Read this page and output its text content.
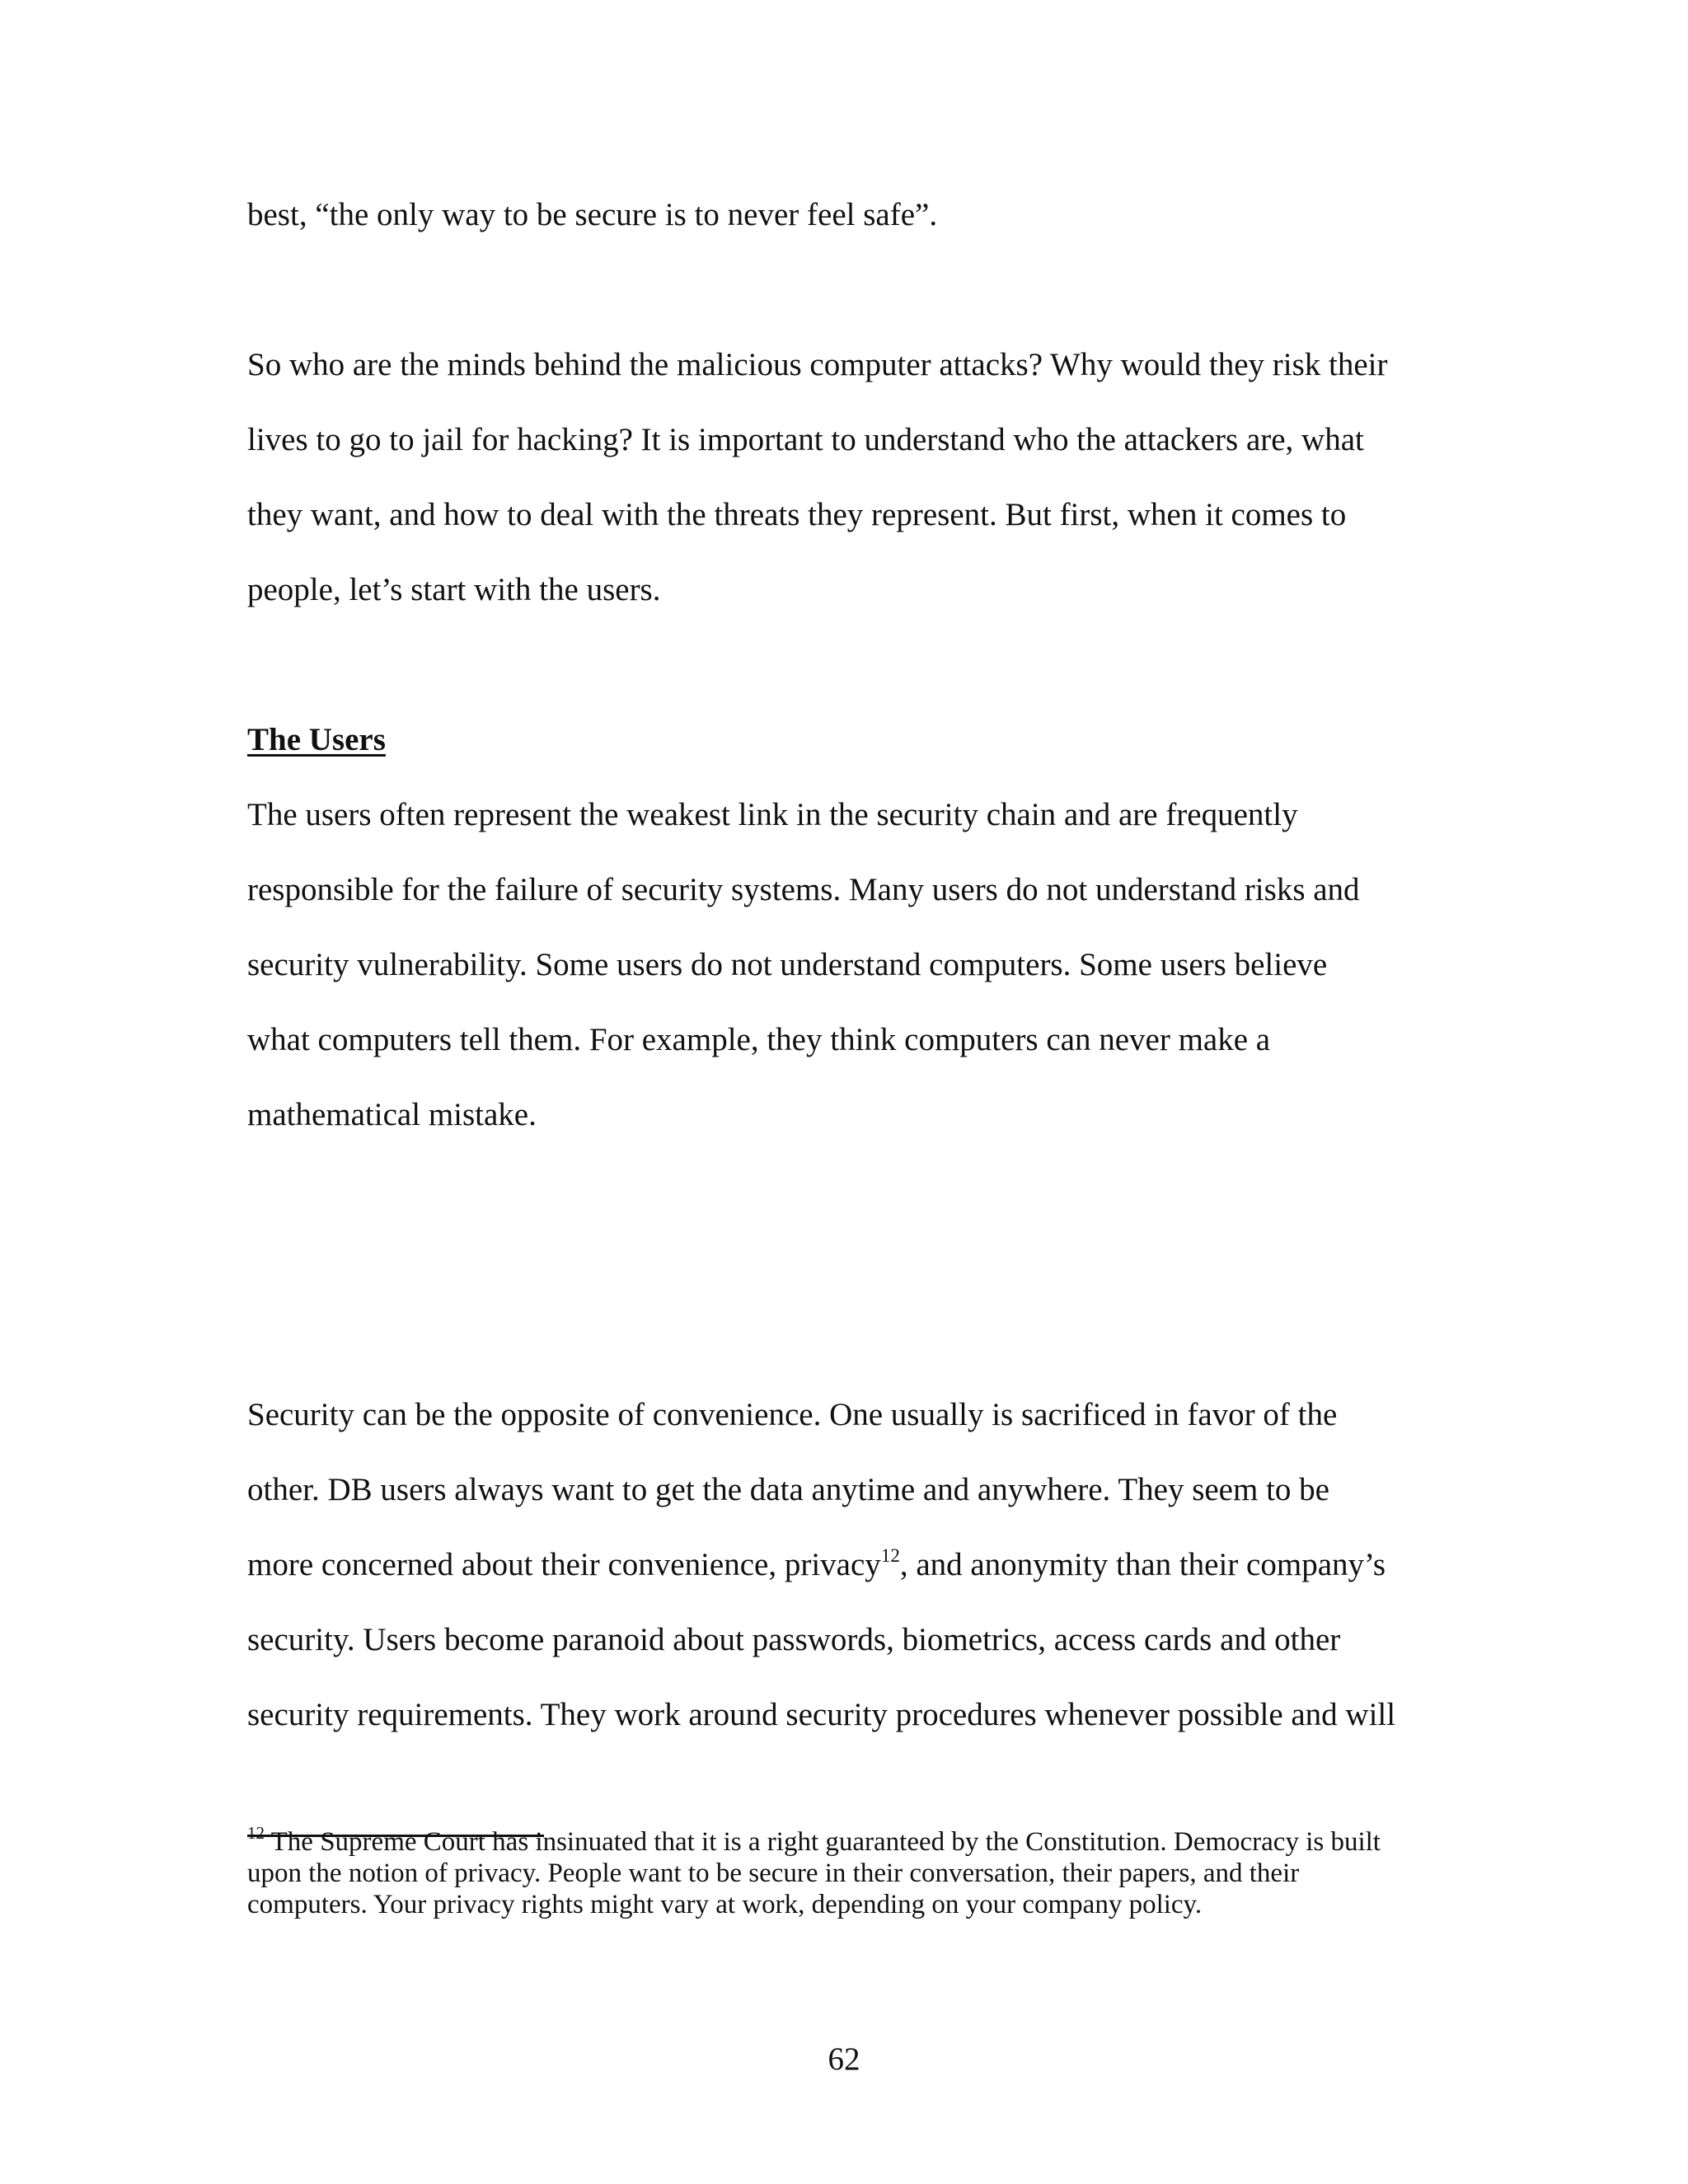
best, “the only way to be secure is to never feel safe”.

So who are the minds behind the malicious computer attacks? Why would they risk their

lives to go to jail for hacking? It is important to understand who the attackers are, what

they want, and how to deal with the threats they represent. But first, when it comes to

people, let’s start with the users.

The Users

The users often represent the weakest link in the security chain and are frequently

responsible for the failure of security systems. Many users do not understand risks and

security vulnerability. Some users do not understand computers. Some users believe

what computers tell them. For example, they think computers can never make a

mathematical mistake.

Security can be the opposite of convenience. One usually is sacrificed in favor of the

other. DB users always want to get the data anytime and anywhere. They seem to be

more concerned about their convenience, privacy$^{12}$, and anonymity than their company’s

security. Users become paranoid about passwords, biometrics, access cards and other

security requirements. They work around security procedures whenever possible and will

$^{12}$ The Supreme Court has insinuated that it is a right guaranteed by the Constitution. Democracy is built

upon the notion of privacy. People want to be secure in their conversation, their papers, and their

computers. Your privacy rights might vary at work, depending on your company policy.

62
